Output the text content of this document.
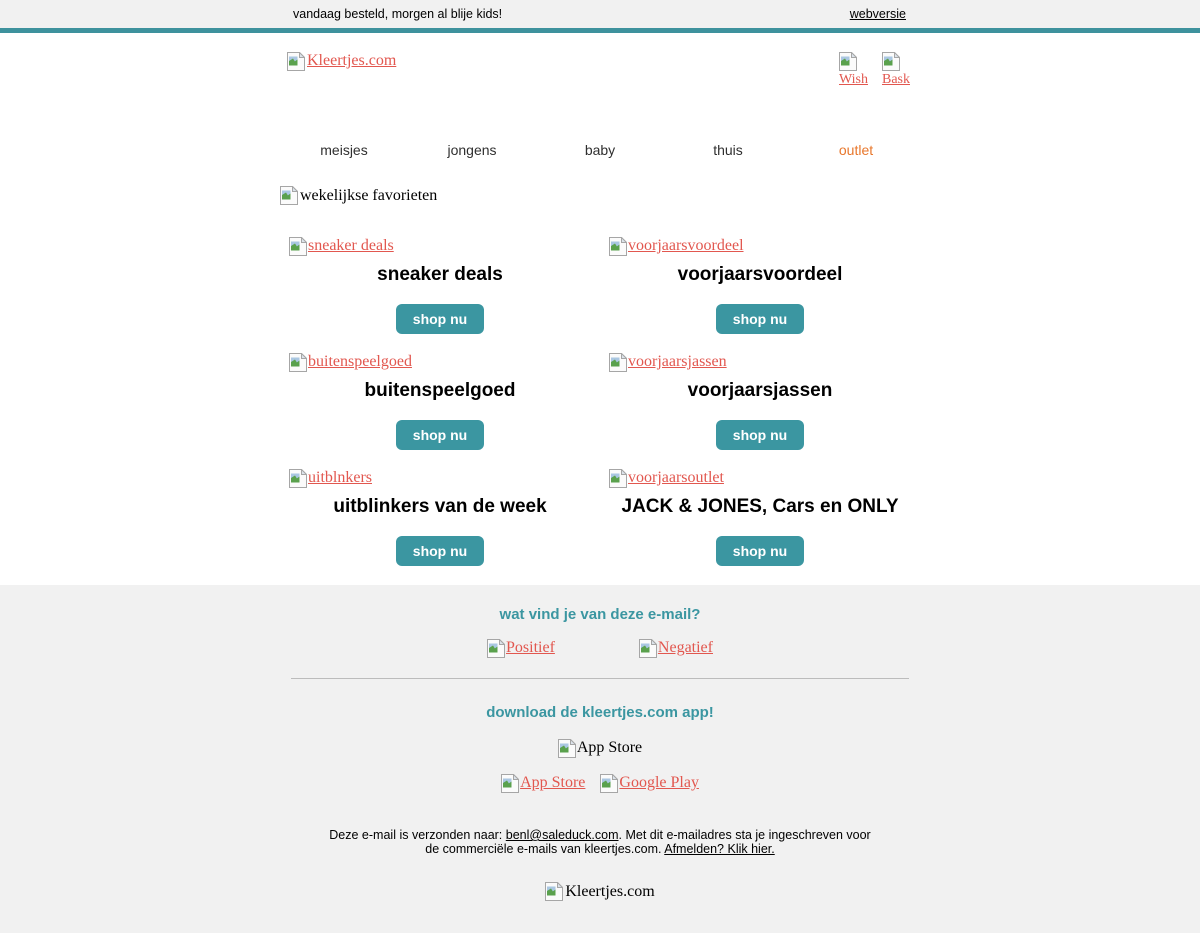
vandaag besteld, morgen al blije kids!	webversie
Kleertjes.com
Wish Bask
meisjes	jongens	baby	thuis	outlet
wekelijkse favorieten
sneaker deals
sneaker deals
shop nu
voorjaarsvoordeel
voorjaarsvoordeel
shop nu
buitenspeelgoed
buitenspeelgoed
shop nu
voorjaarsjassen
voorjaarsjassen
shop nu
uitblnkers
uitblinkers van de week
shop nu
voorjaarsoutlet
JACK & JONES, Cars en ONLY
shop nu
wat vind je van deze e-mail?
Positief	Negatief
download de kleertjes.com app!
App Store
App Store Google Play
Deze e-mail is verzonden naar: benl@saleduck.com. Met dit e-mailadres sta je ingeschreven voor de commerciële e-mails van kleertjes.com. Afmelden? Klik hier.
Kleertjes.com
